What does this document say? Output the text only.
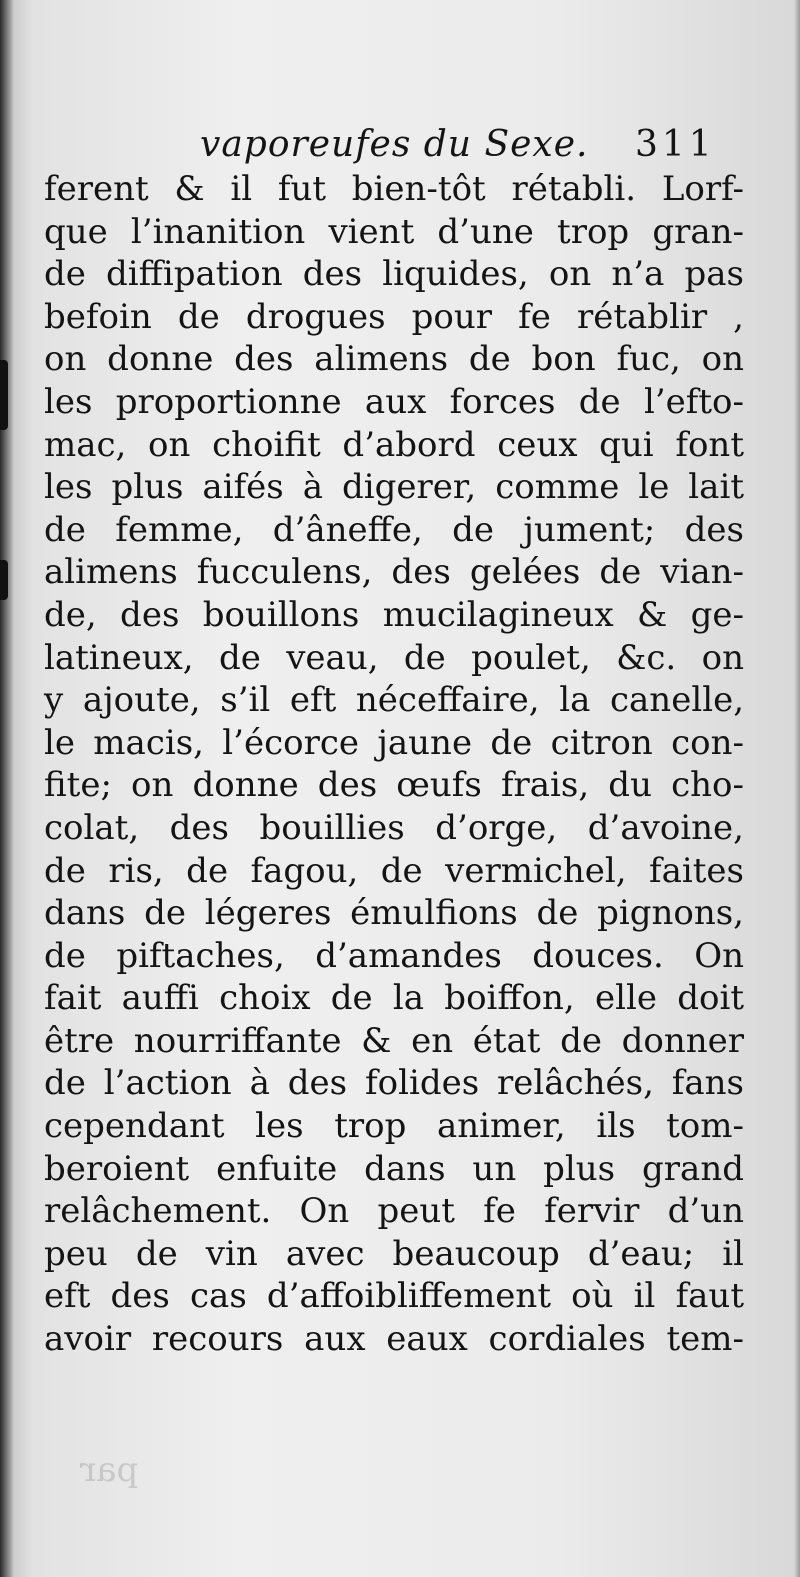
vaporeufes du Sexe. 311
ferent & il fut bien-tôt rétabli. Lorf-
que l’inanition vient d’une trop gran-
de diffipation des liquides, on n’a pas
befoin de drogues pour fe rétablir ,
on donne des alimens de bon fuc, on
les proportionne aux forces de l’efto-
mac, on choifit d’abord ceux qui font
les plus aifés à digerer, comme le lait
de femme, d’âneffe, de jument; des
alimens fucculens, des gelées de vian-
de, des bouillons mucilagineux & ge-
latineux, de veau, de poulet, &c. on
y ajoute, s’il eft néceffaire, la canelle,
le macis, l’écorce jaune de citron con-
fite; on donne des œufs frais, du cho-
colat, des bouillies d’orge, d’avoine,
de ris, de fagou, de vermichel, faites
dans de légeres émulfions de pignons,
de piftaches, d’amandes douces. On
fait auffi choix de la boiffon, elle doit
être nourriffante & en état de donner
de l’action à des folides relâchés, fans
cependant les trop animer, ils tom-
beroient enfuite dans un plus grand
relâchement. On peut fe fervir d’un
peu de vin avec beaucoup d’eau; il
eft des cas d’affoibliffement où il faut
avoir recours aux eaux cordiales tem-
par
